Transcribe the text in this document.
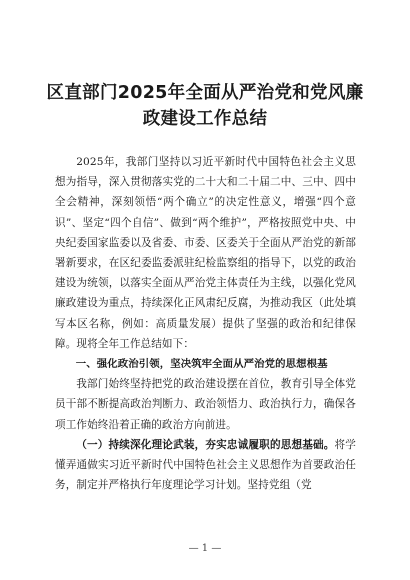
区直部门2025年全面从严治党和党风廉
政建设工作总结

2025年，我部门坚持以习近平新时代中国特色社会主义思想为指导，深入贯彻落实党的二十大和二十届二中、三中、四中全会精神，深刻领悟“两个确立”的决定性意义，增强“四个意识”、坚定“四个自信”、做到“两个维护”，严格按照党中央、中央纪委国家监委以及省委、市委、区委关于全面从严治党的新部署新要求，在区纪委监委派驻纪检监察组的指导下，以党的政治建设为统领，以落实全面从严治党主体责任为主线，以强化党风廉政建设为重点，持续深化正风肃纪反腐，为推动我区（此处填写本区名称，例如：高质量发展）提供了坚强的政治和纪律保障。现将全年工作总结如下：

一、强化政治引领，坚决筑牢全面从严治党的思想根基

我部门始终坚持把党的政治建设摆在首位，教育引导全体党员干部不断提高政治判断力、政治领悟力、政治执行力，确保各项工作始终沿着正确的政治方向前进。

（一）持续深化理论武装，夯实忠诚履职的思想基础。将学懂弄通做实习近平新时代中国特色社会主义思想作为首要政治任务，制定并严格执行年度理论学习计划。坚持党组（党

— 1 —
